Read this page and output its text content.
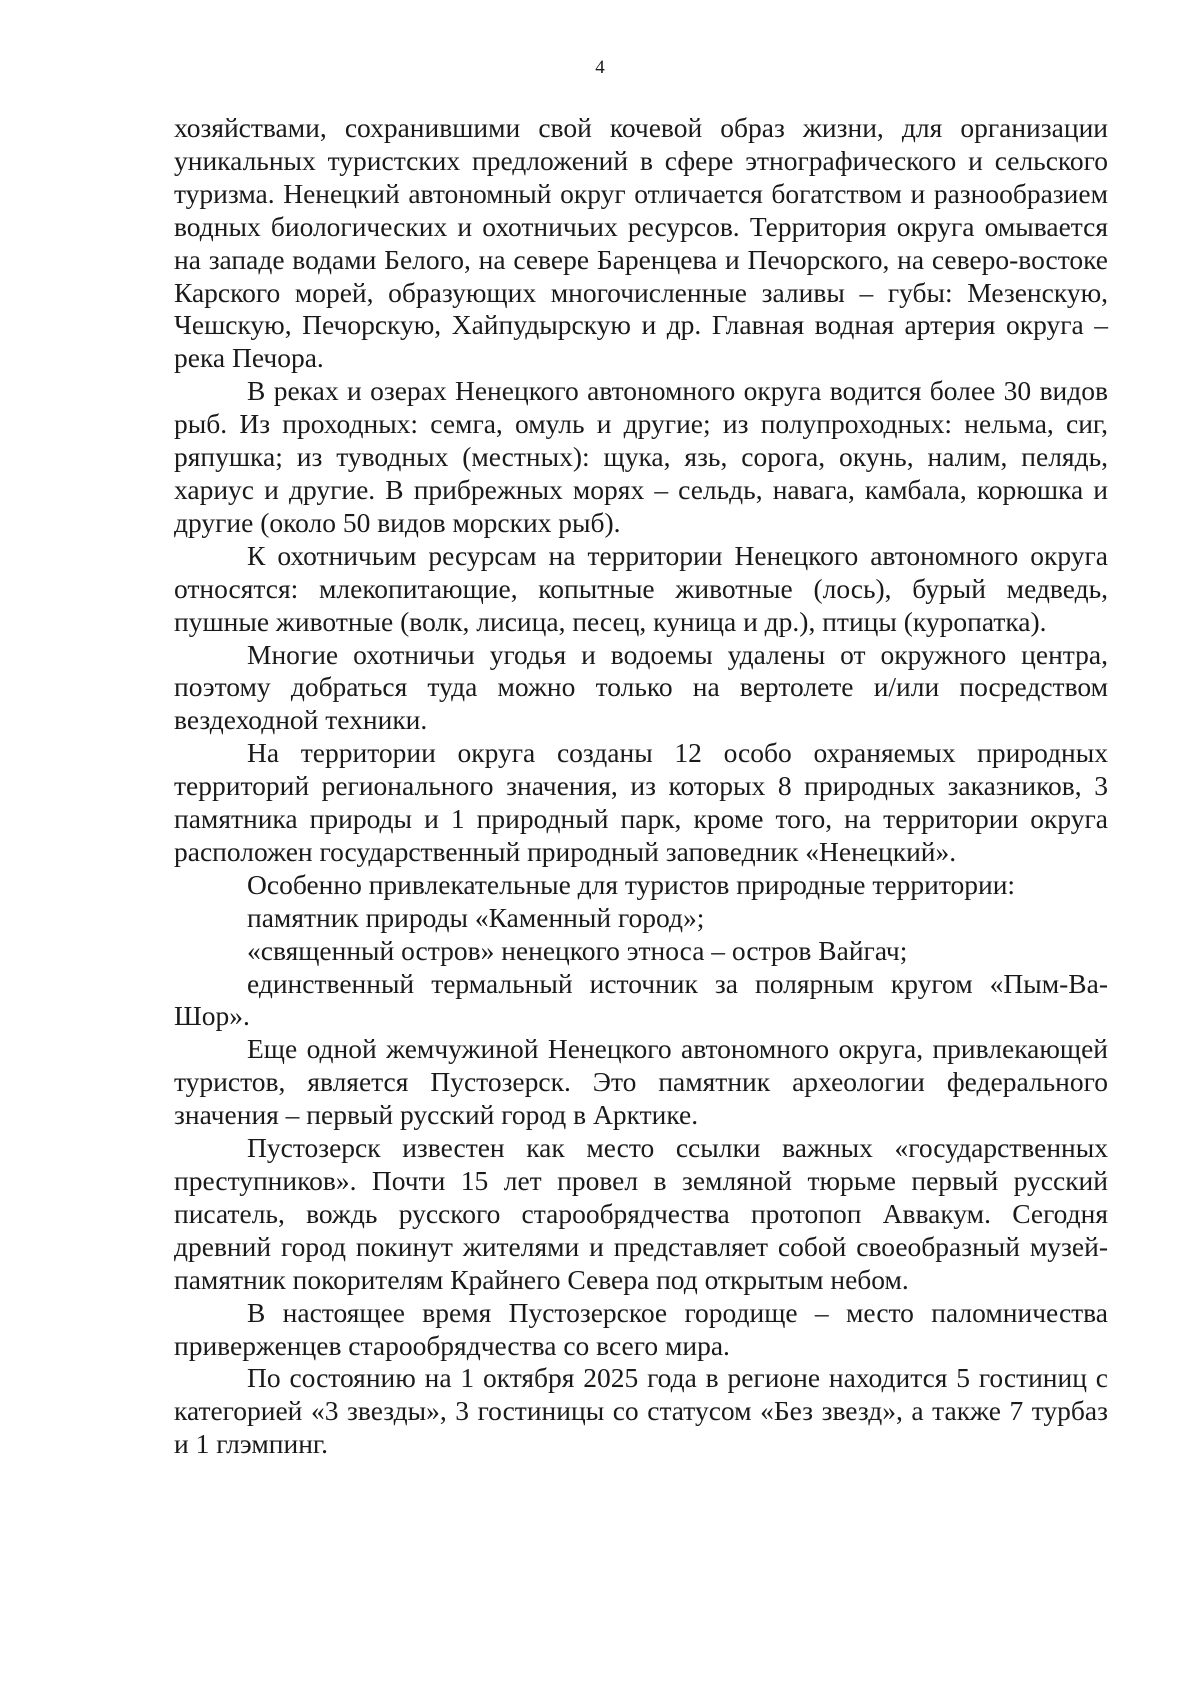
4

хозяйствами, сохранившими свой кочевой образ жизни, для организации уникальных туристских предложений в сфере этнографического и сельского туризма. Ненецкий автономный округ отличается богатством и разнообразием водных биологических и охотничьих ресурсов. Территория округа омывается на западе водами Белого, на севере Баренцева и Печорского, на северо-востоке Карского морей, образующих многочисленные заливы – губы: Мезенскую, Чешскую, Печорскую, Хайпудырскую и др. Главная водная артерия округа – река Печора.

В реках и озерах Ненецкого автономного округа водится более 30 видов рыб. Из проходных: семга, омуль и другие; из полупроходных: нельма, сиг, ряпушка; из туводных (местных): щука, язь, сорога, окунь, налим, пелядь, хариус и другие. В прибрежных морях – сельдь, навага, камбала, корюшка и другие (около 50 видов морских рыб).

К охотничьим ресурсам на территории Ненецкого автономного округа относятся: млекопитающие, копытные животные (лось), бурый медведь, пушные животные (волк, лисица, песец, куница и др.), птицы (куропатка).

Многие охотничьи угодья и водоемы удалены от окружного центра, поэтому добраться туда можно только на вертолете и/или посредством вездеходной техники.

На территории округа созданы 12 особо охраняемых природных территорий регионального значения, из которых 8 природных заказников, 3 памятника природы и 1 природный парк, кроме того, на территории округа расположен государственный природный заповедник «Ненецкий».

Особенно привлекательные для туристов природные территории:

памятник природы «Каменный город»;

«священный остров» ненецкого этноса – остров Вайгач;

единственный термальный источник за полярным кругом «Пым-Ва-Шор».

Еще одной жемчужиной Ненецкого автономного округа, привлекающей туристов, является Пустозерск. Это памятник археологии федерального значения – первый русский город в Арктике.

Пустозерск известен как место ссылки важных «государственных преступников». Почти 15 лет провел в земляной тюрьме первый русский писатель, вождь русского старообрядчества протопоп Аввакум. Сегодня древний город покинут жителями и представляет собой своеобразный музей-памятник покорителям Крайнего Севера под открытым небом.

В настоящее время Пустозерское городище – место паломничества приверженцев старообрядчества со всего мира.

По состоянию на 1 октября 2025 года в регионе находится 5 гостиниц с категорией «3 звезды», 3 гостиницы со статусом «Без звезд», а также 7 турбаз и 1 глэмпинг.
